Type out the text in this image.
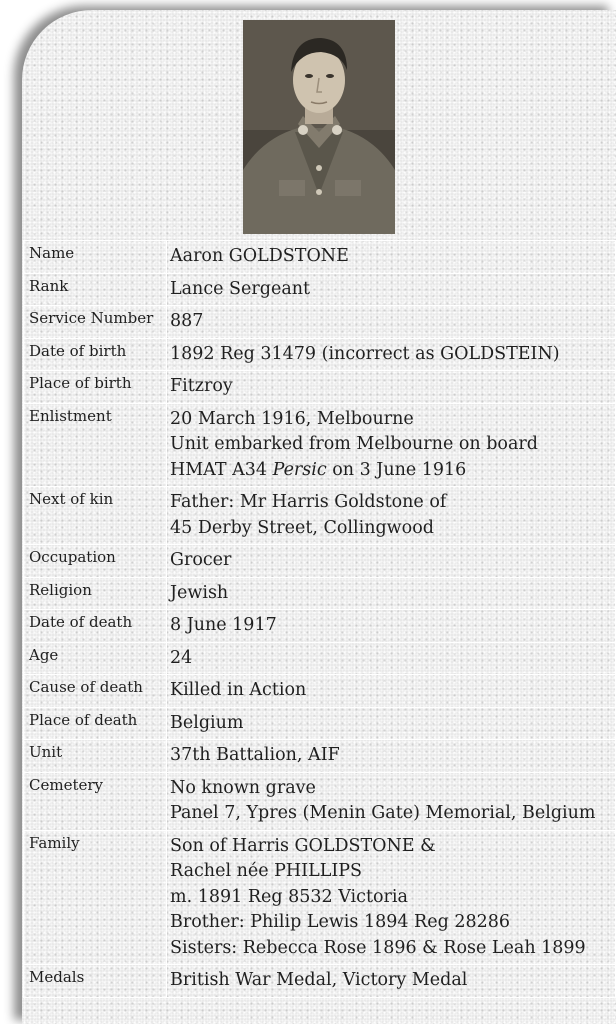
Name	Aaron GOLDSTONE
Rank	Lance Sergeant
Service Number	887
Date of birth	1892 Reg 31479 (incorrect as GOLDSTEIN)
Place of birth	Fitzroy
Enlistment	20 March 1916, Melbourne
Unit embarked from Melbourne on board
HMAT A34 Persic on 3 June 1916

Next of kin	Father: Mr Harris Goldstone of
45 Derby Street, Collingwood

Occupation	Grocer
Religion	Jewish
Date of death	8 June 1917
Age	24
Cause of death	Killed in Action
Place of death	Belgium
Unit	37th Battalion, AIF
Cemetery	No known grave
Panel 7, Ypres (Menin Gate) Memorial, Belgium

Family	Son of Harris GOLDSTONE &
Rachel née PHILLIPS
m. 1891 Reg 8532 Victoria
Brother: Philip Lewis 1894 Reg 28286
Sisters: Rebecca Rose 1896 & Rose Leah 1899

Medals	British War Medal, Victory Medal
